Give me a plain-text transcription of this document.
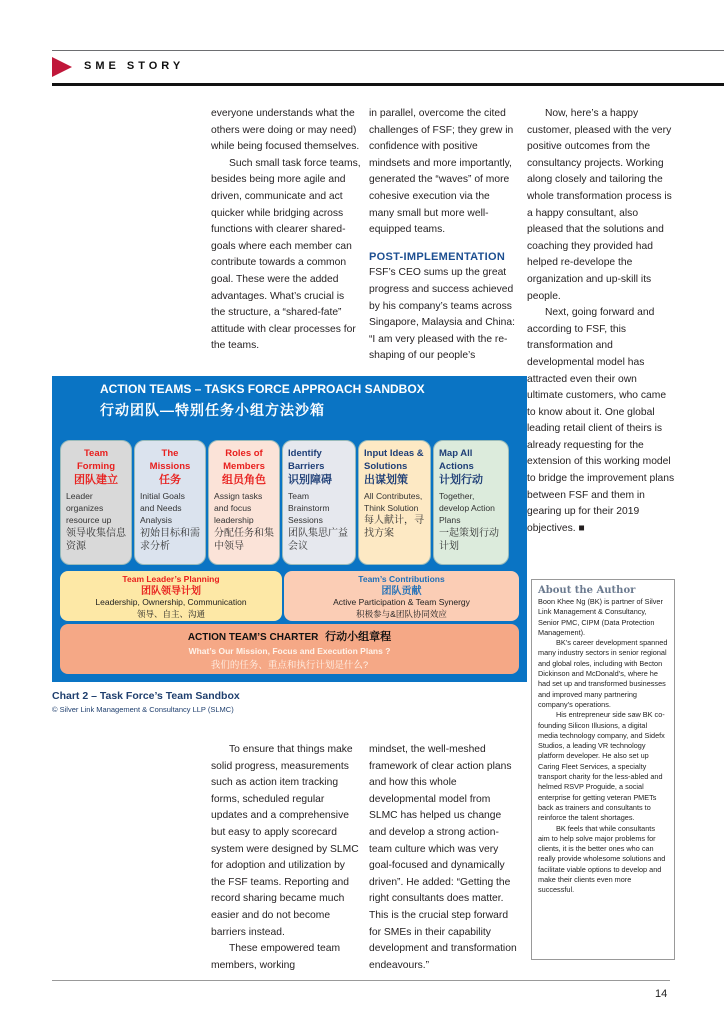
SME STORY

everyone understands what the others were doing or may need) while being focused themselves.

Such small task force teams, besides being more agile and driven, communicate and act quicker while bridging across functions with clearer shared-goals where each member can contribute towards a common goal. These were the added advantages. What’s crucial is the structure, a “shared-fate” attitude with clear processes for the teams.

in parallel, overcome the cited challenges of FSF; they grew in confidence with positive mindsets and more importantly, generated the “waves” of more cohesive execution via the many small but more well-equipped teams.

POST-IMPLEMENTATION

FSF’s CEO sums up the great progress and success achieved by his company’s teams across Singapore, Malaysia and China: “I am very pleased with the re-shaping of our people’s

Now, here’s a happy customer, pleased with the very positive outcomes from the consultancy projects. Working along closely and tailoring the whole transformation process is a happy consultant, also pleased that the solutions and coaching they provided had helped re-develope the organization and up-skill its people.

Next, going forward and according to FSF, this transformation and developmental model has attracted even their own ultimate customers, who came to know about it. One global leading retail client of theirs is already requesting for the extension of this working model to bridge the improvement plans between FSF and them in gearing up for their 2019 objectives. ■

ACTION TEAMS – TASKS FORCE APPROACH SANDBOX
行动团队—特别任务小组方法沙箱
Team Forming
团队建立
Leader organizes resource up
领导收集信息资源
The Missions
任务
Initial Goals and Needs Analysis
初始目标和需求分析
Roles of Members
组员角色
Assign tasks and focus leadership
分配任务和集中领导
Identify Barriers
识别障碍
Team Brainstorm Sessions
团队集思广益会议
Input Ideas & Solutions
出谋划策
All Contributes, Think Solution
每人献计，寻找方案
Map All Actions
计划行动
Together, develop Action Plans
一起策划行动计划
Team Leader’s Planning
团队领导计划
Leadership, Ownership, Communication
领导、自主、沟通
Team’s Contributions
团队贡献
Active Participation & Team Synergy
积极参与&团队协同效应
ACTION TEAM’S CHARTER 行动小组章程
What’s Our Mission, Focus and Execution Plans ?
我们的任务、重点和执行计划是什么?
Chart 2 – Task Force’s Team Sandbox
© Silver Link Management & Consultancy LLP (SLMC)

To ensure that things make solid progress, measurements such as action item tracking forms, scheduled regular updates and a comprehensive but easy to apply scorecard system were designed by SLMC for adoption and utilization by the FSF teams. Reporting and record sharing became much easier and do not become barriers instead.

These empowered team members, working

mindset, the well-meshed framework of clear action plans and how this whole developmental model from SLMC has helped us change and develop a strong action-team culture which was very goal-focused and dynamically driven”. He added: “Getting the right consultants does matter. This is the crucial step forward for SMEs in their capability development and transformation endeavours.”

About the Author

Boon Khee Ng (BK) is partner of Silver Link Management & Consultancy, Senior PMC, CIPM (Data Protection Management).

BK’s career development spanned many industry sectors in senior regional and global roles, including with Becton Dickinson and McDonald’s, where he had set up and transformed businesses and improved many partnering company’s operations.

His entrepreneur side saw BK co-founding Silicon Illusions, a digital media technology company, and Sidefx Studios, a leading VR technology platform developer. He also set up Caring Fleet Services, a specialty transport charity for the less-abled and helmed RSVP Proguide, a social enterprise for getting veteran PMETs back as trainers and consultants to reinforce the talent shortages.

BK feels that while consultants aim to help solve major problems for clients, it is the better ones who can really provide wholesome solutions and facilitate viable options to develop and make their clients even more successful.

14
